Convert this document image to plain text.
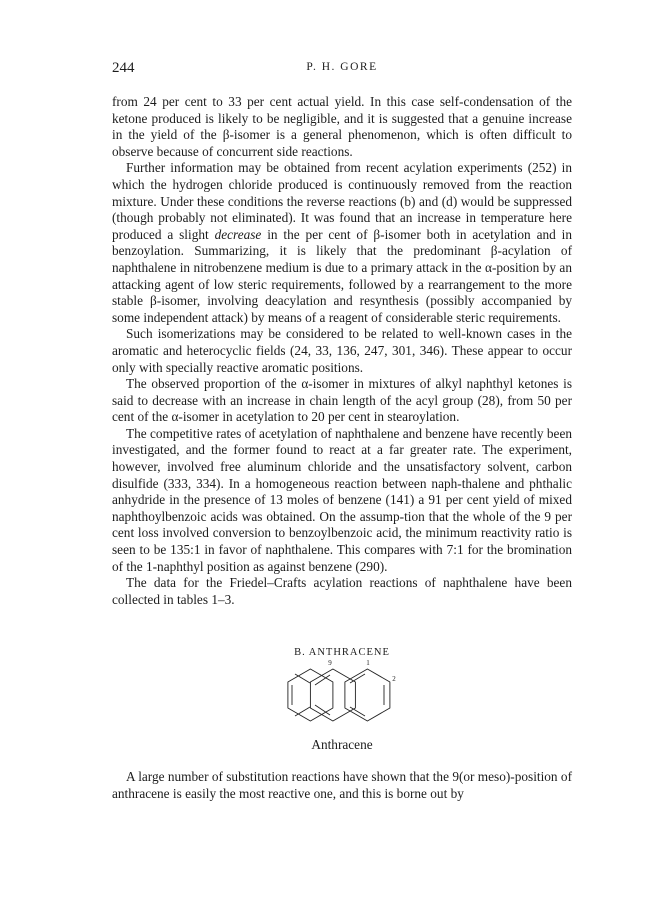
244	P. H. GORE

from 24 per cent to 33 per cent actual yield. In this case self-condensation of the ketone produced is likely to be negligible, and it is suggested that a genuine increase in the yield of the β-isomer is a general phenomenon, which is often difficult to observe because of concurrent side reactions.

Further information may be obtained from recent acylation experiments (252) in which the hydrogen chloride produced is continuously removed from the reaction mixture. Under these conditions the reverse reactions (b) and (d) would be suppressed (though probably not eliminated). It was found that an increase in temperature here produced a slight decrease in the per cent of β-isomer both in acetylation and in benzoylation. Summarizing, it is likely that the predominant β-acylation of naphthalene in nitrobenzene medium is due to a primary attack in the α-position by an attacking agent of low steric requirements, followed by a rearrangement to the more stable β-isomer, involving deacylation and resynthesis (possibly accompanied by some independent attack) by means of a reagent of considerable steric requirements.

Such isomerizations may be considered to be related to well-known cases in the aromatic and heterocyclic fields (24, 33, 136, 247, 301, 346). These appear to occur only with specially reactive aromatic positions.

The observed proportion of the α-isomer in mixtures of alkyl naphthyl ketones is said to decrease with an increase in chain length of the acyl group (28), from 50 per cent of the α-isomer in acetylation to 20 per cent in stearoylation.

The competitive rates of acetylation of naphthalene and benzene have recently been investigated, and the former found to react at a far greater rate. The experiment, however, involved free aluminum chloride and the unsatisfactory solvent, carbon disulfide (333, 334). In a homogeneous reaction between naph-thalene and phthalic anhydride in the presence of 13 moles of benzene (141) a 91 per cent yield of mixed naphthoylbenzoic acids was obtained. On the assump-tion that the whole of the 9 per cent loss involved conversion to benzoylbenzoic acid, the minimum reactivity ratio is seen to be 135:1 in favor of naphthalene. This compares with 7:1 for the bromination of the 1-naphthyl position as against benzene (290).

The data for the Friedel–Crafts acylation reactions of naphthalene have been collected in tables 1–3.

B. ANTHRACENE
9	1
2
Anthracene

A large number of substitution reactions have shown that the 9(or meso)-position of anthracene is easily the most reactive one, and this is borne out by
